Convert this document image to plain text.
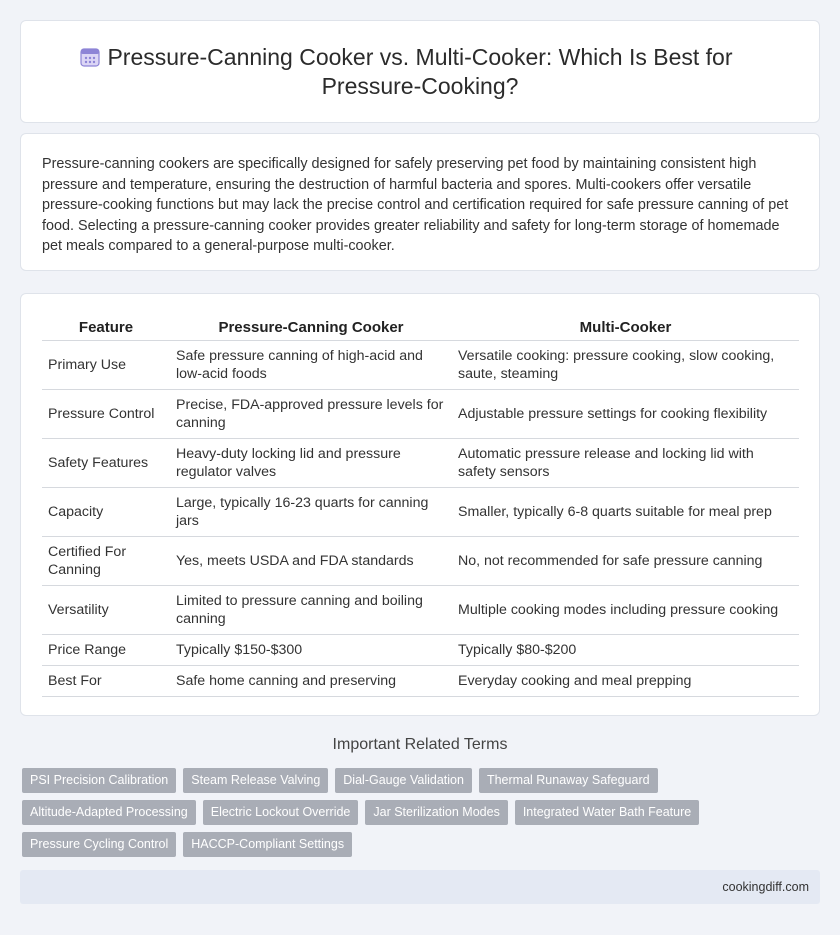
Pressure-Canning Cooker vs. Multi-Cooker: Which Is Best for Pressure-Cooking?

Pressure-canning cookers are specifically designed for safely preserving pet food by maintaining consistent high pressure and temperature, ensuring the destruction of harmful bacteria and spores. Multi-cookers offer versatile pressure-cooking functions but may lack the precise control and certification required for safe pressure canning of pet food. Selecting a pressure-canning cooker provides greater reliability and safety for long-term storage of homemade pet meals compared to a general-purpose multi-cooker.

Feature	Pressure-Canning Cooker	Multi-Cooker
Primary Use	Safe pressure canning of high-acid and low-acid foods	Versatile cooking: pressure cooking, slow cooking, saute, steaming
Pressure Control	Precise, FDA-approved pressure levels for canning	Adjustable pressure settings for cooking flexibility
Safety Features	Heavy-duty locking lid and pressure regulator valves	Automatic pressure release and locking lid with safety sensors
Capacity	Large, typically 16-23 quarts for canning jars	Smaller, typically 6-8 quarts suitable for meal prep
Certified For Canning	Yes, meets USDA and FDA standards	No, not recommended for safe pressure canning
Versatility	Limited to pressure canning and boiling canning	Multiple cooking modes including pressure cooking
Price Range	Typically $150-$300	Typically $80-$200
Best For	Safe home canning and preserving	Everyday cooking and meal prepping
Important Related Terms
PSI Precision Calibration	Steam Release Valving	Dial-Gauge Validation	Thermal Runaway Safeguard
Altitude-Adapted Processing	Electric Lockout Override	Jar Sterilization Modes	Integrated Water Bath Feature
Pressure Cycling Control	HACCP-Compliant Settings
cookingdiff.com
